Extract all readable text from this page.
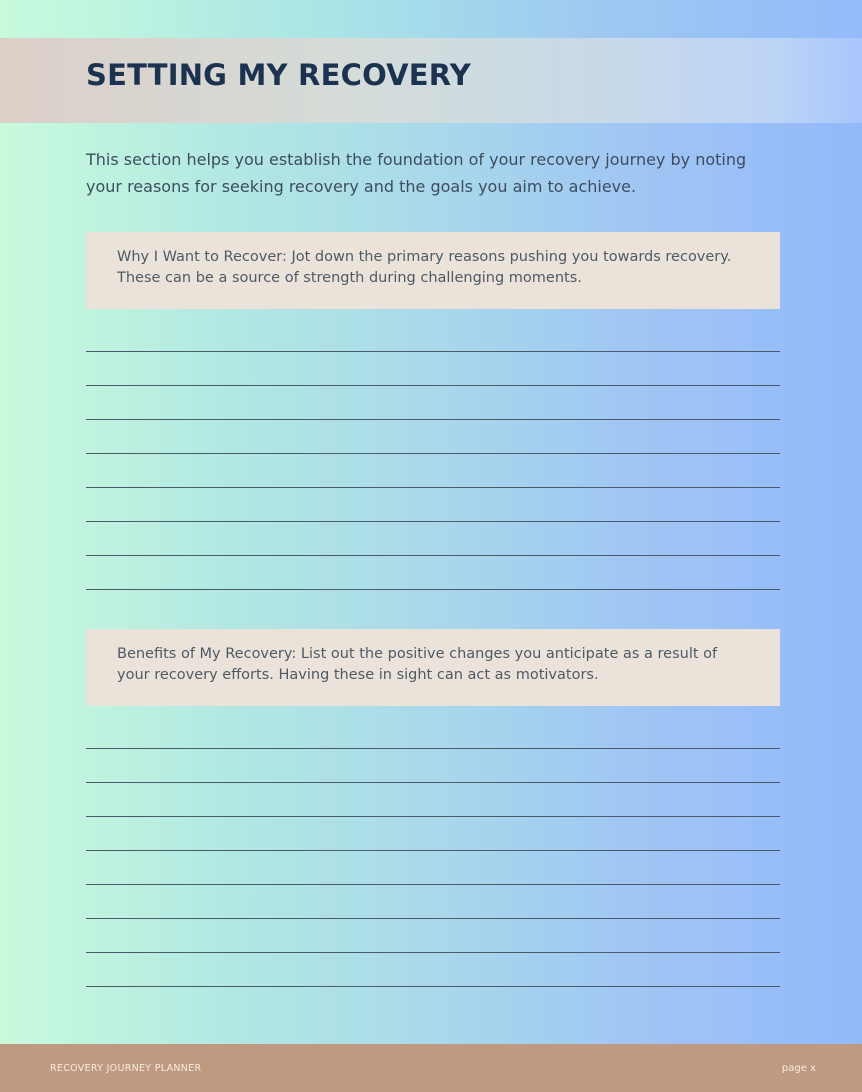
SETTING MY RECOVERY

This section helps you establish the foundation of your recovery journey by noting your reasons for seeking recovery and the goals you aim to achieve.

Why I Want to Recover: Jot down the primary reasons pushing you towards recovery. These can be a source of strength during challenging moments.

Benefits of My Recovery: List out the positive changes you anticipate as a result of your recovery efforts. Having these in sight can act as motivators.

RECOVERY JOURNEY PLANNER	page x
